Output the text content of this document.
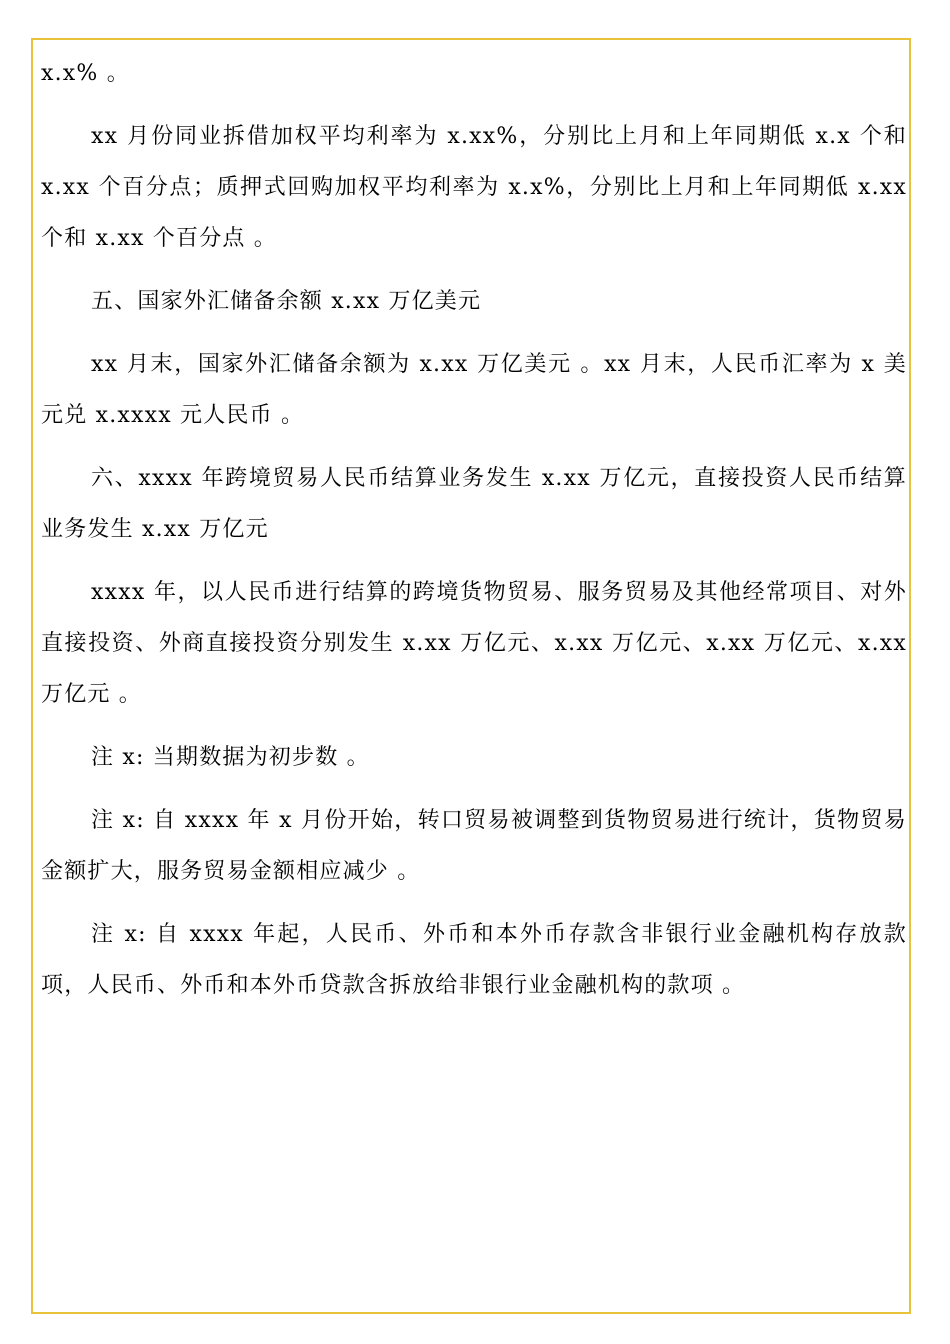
x.x% 。

xx 月份同业拆借加权平均利率为 x.xx%，分别比上月和上年同期低 x.x 个和 x.xx 个百分点；质押式回购加权平均利率为 x.x%，分别比上月和上年同期低 x.xx 个和 x.xx 个百分点 。

五、国家外汇储备余额 x.xx 万亿美元

xx 月末，国家外汇储备余额为 x.xx 万亿美元 。xx 月末，人民币汇率为 x 美元兑 x.xxxx 元人民币 。

六、xxxx 年跨境贸易人民币结算业务发生 x.xx 万亿元，直接投资人民币结算业务发生 x.xx 万亿元

xxxx 年，以人民币进行结算的跨境货物贸易、服务贸易及其他经常项目、对外直接投资、外商直接投资分别发生 x.xx 万亿元、x.xx 万亿元、x.xx 万亿元、x.xx 万亿元 。

注 x: 当期数据为初步数 。

注 x: 自 xxxx 年 x 月份开始，转口贸易被调整到货物贸易进行统计，货物贸易金额扩大，服务贸易金额相应减少 。

注 x: 自 xxxx 年起，人民币、外币和本外币存款含非银行业金融机构存放款项，人民币、外币和本外币贷款含拆放给非银行业金融机构的款项 。
